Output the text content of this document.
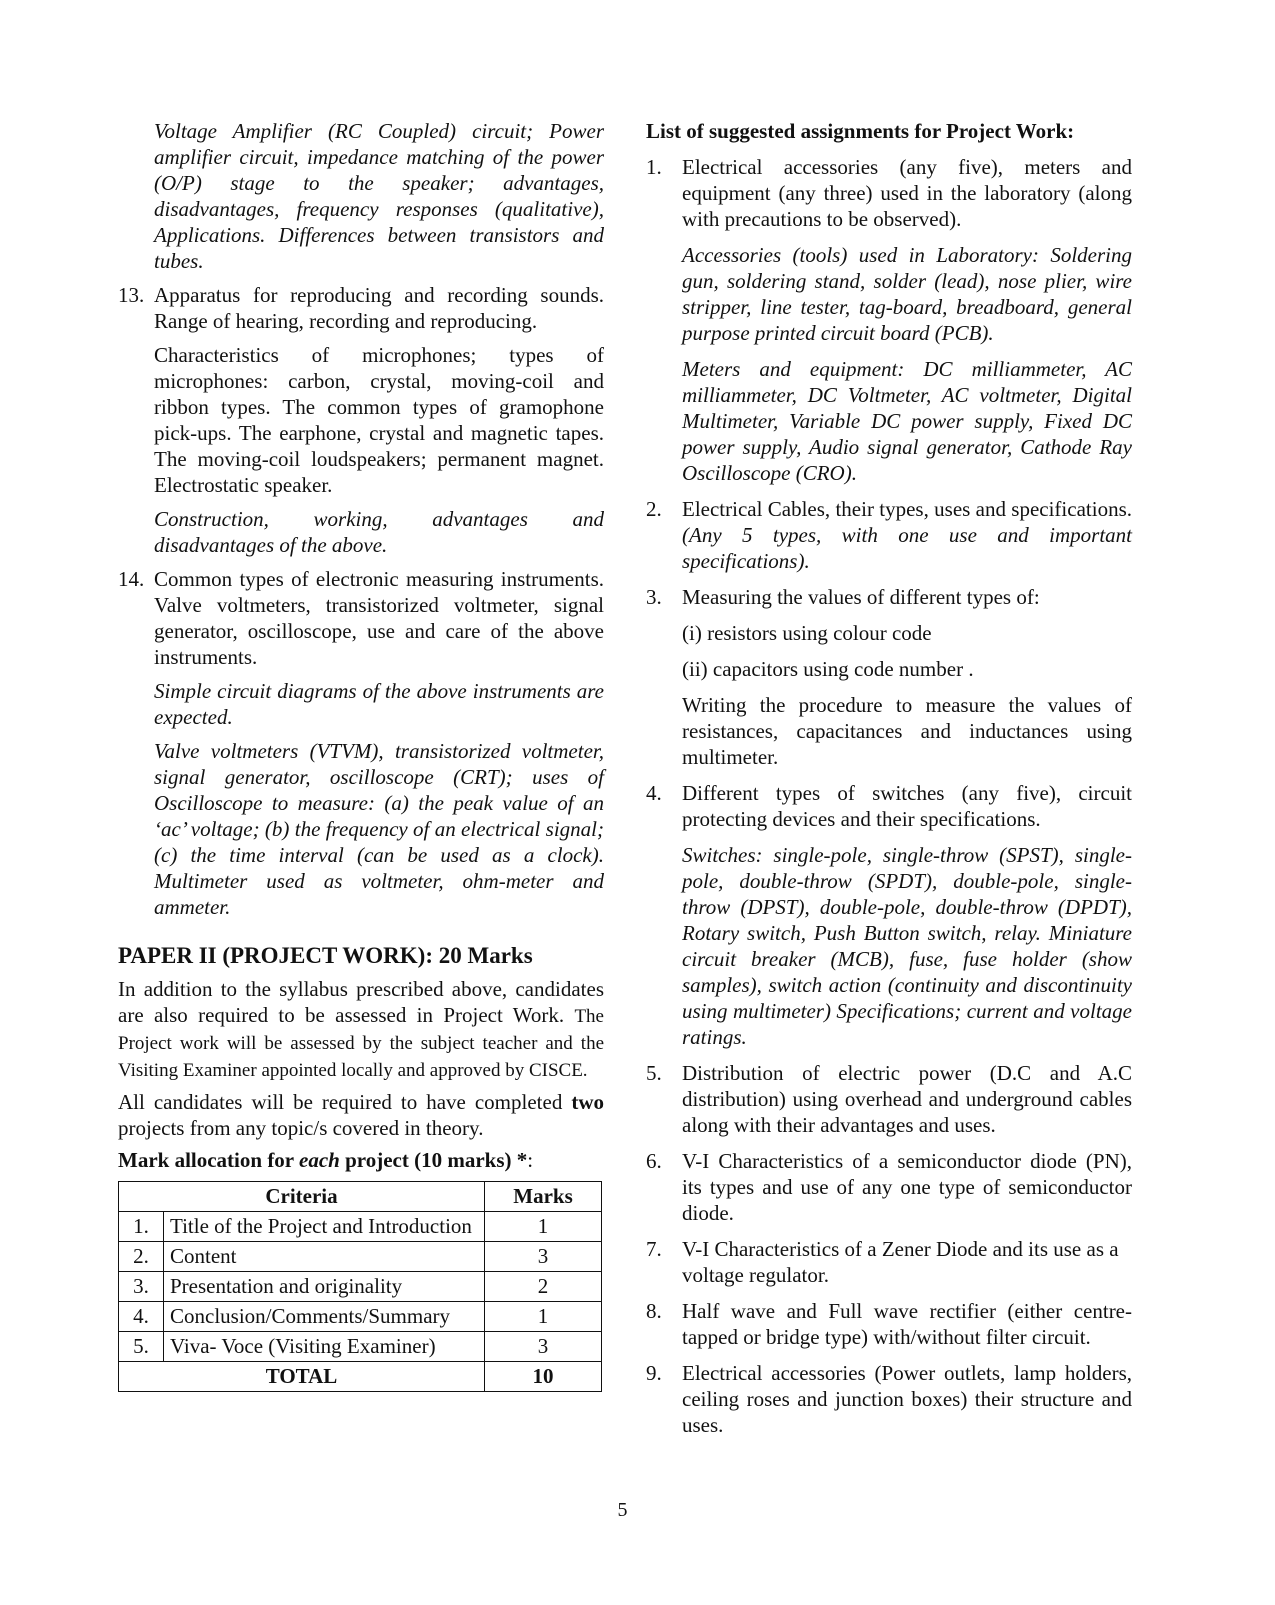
Voltage Amplifier (RC Coupled) circuit; Power amplifier circuit, impedance matching of the power (O/P) stage to the speaker; advantages, disadvantages, frequency responses (qualitative), Applications. Differences between transistors and tubes.

13. Apparatus for reproducing and recording sounds. Range of hearing, recording and reproducing.

Characteristics of microphones; types of microphones: carbon, crystal, moving-coil and ribbon types. The common types of gramophone pick-ups. The earphone, crystal and magnetic tapes. The moving-coil loudspeakers; permanent magnet. Electrostatic speaker.

Construction, working, advantages and disadvantages of the above.

14. Common types of electronic measuring instruments. Valve voltmeters, transistorized voltmeter, signal generator, oscilloscope, use and care of the above instruments.

Simple circuit diagrams of the above instruments are expected.

Valve voltmeters (VTVM), transistorized voltmeter, signal generator, oscilloscope (CRT); uses of Oscilloscope to measure: (a) the peak value of an ‘ac’ voltage; (b) the frequency of an electrical signal; (c) the time interval (can be used as a clock). Multimeter used as voltmeter, ohm-meter and ammeter.

PAPER II (PROJECT WORK): 20 Marks

In addition to the syllabus prescribed above, candidates are also required to be assessed in Project Work. The Project work will be assessed by the subject teacher and the Visiting Examiner appointed locally and approved by CISCE.

All candidates will be required to have completed two projects from any topic/s covered in theory.

Mark allocation for each project (10 marks) *:

Criteria		Marks
1.	Title of the Project and Introduction	1
2.	Content	3
3.	Presentation and originality	2
4.	Conclusion/Comments/Summary	1
5.	Viva- Voce (Visiting Examiner)	3
TOTAL		10

List of suggested assignments for Project Work:

1. Electrical accessories (any five), meters and equipment (any three) used in the laboratory (along with precautions to be observed).

Accessories (tools) used in Laboratory: Soldering gun, soldering stand, solder (lead), nose plier, wire stripper, line tester, tag-board, breadboard, general purpose printed circuit board (PCB).

Meters and equipment: DC milliammeter, AC milliammeter, DC Voltmeter, AC voltmeter, Digital Multimeter, Variable DC power supply, Fixed DC power supply, Audio signal generator, Cathode Ray Oscilloscope (CRO).

2. Electrical Cables, their types, uses and specifications. (Any 5 types, with one use and important specifications).

3. Measuring the values of different types of:

(i) resistors using colour code

(ii) capacitors using code number .

Writing the procedure to measure the values of resistances, capacitances and inductances using multimeter.

4. Different types of switches (any five), circuit protecting devices and their specifications.

Switches: single-pole, single-throw (SPST), single-pole, double-throw (SPDT), double-pole, single-throw (DPST), double-pole, double-throw (DPDT), Rotary switch, Push Button switch, relay. Miniature circuit breaker (MCB), fuse, fuse holder (show samples), switch action (continuity and discontinuity using multimeter) Specifications; current and voltage ratings.

5. Distribution of electric power (D.C and A.C distribution) using overhead and underground cables along with their advantages and uses.

6. V-I Characteristics of a semiconductor diode (PN), its types and use of any one type of semiconductor diode.

7. V-I Characteristics of a Zener Diode and its use as a voltage regulator.

8. Half wave and Full wave rectifier (either centre-tapped or bridge type) with/without filter circuit.

9. Electrical accessories (Power outlets, lamp holders, ceiling roses and junction boxes) their structure and uses.

5
